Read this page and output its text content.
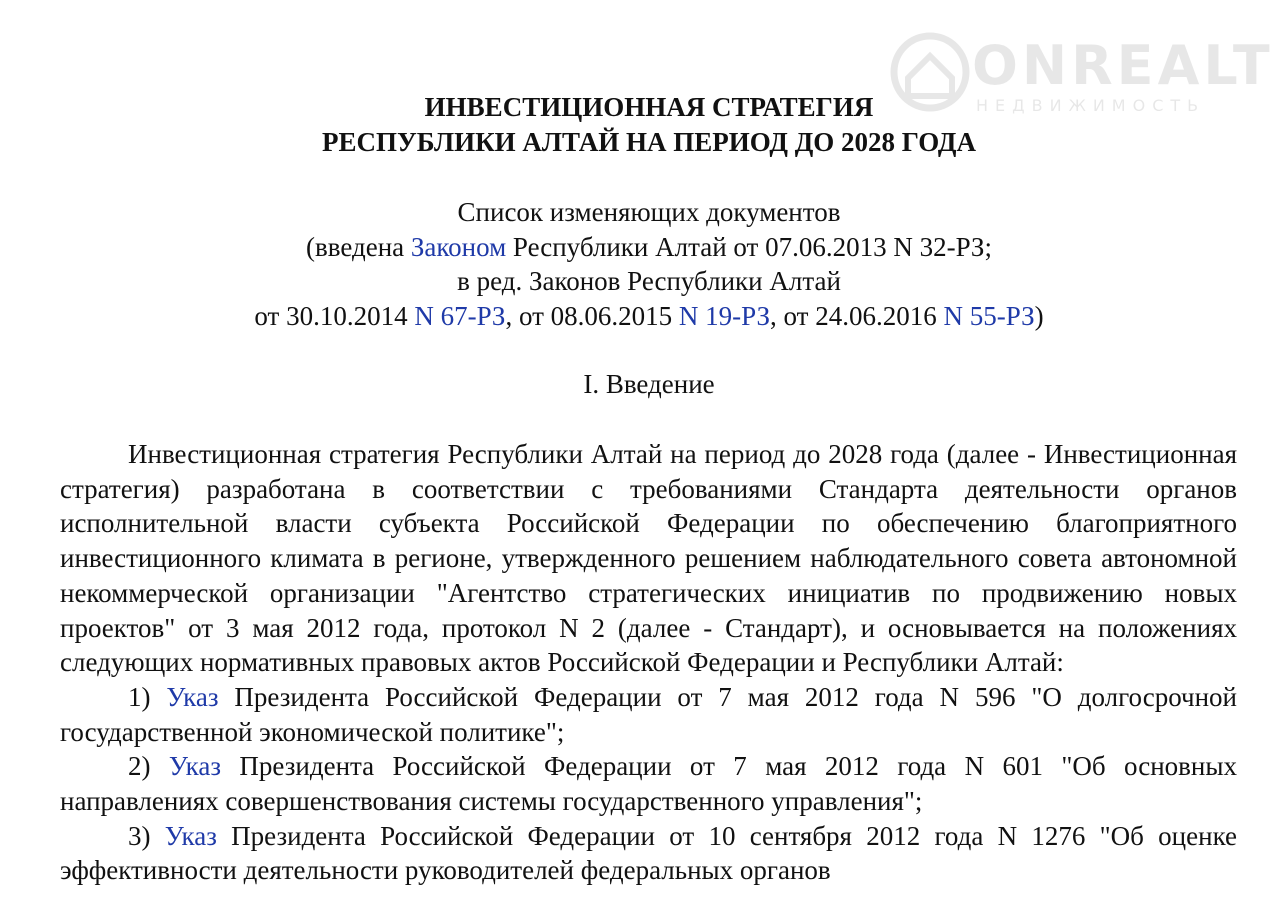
ONREALT
НЕДВИЖИМОСТЬ
ИНВЕСТИЦИОННАЯ СТРАТЕГИЯ
РЕСПУБЛИКИ АЛТАЙ НА ПЕРИОД ДО 2028 ГОДА
Список изменяющих документов
(введена Законом Республики Алтай от 07.06.2013 N 32-РЗ;
в ред. Законов Республики Алтай
от 30.10.2014 N 67-РЗ, от 08.06.2015 N 19-РЗ, от 24.06.2016 N 55-РЗ)
I. Введение

Инвестиционная стратегия Республики Алтай на период до 2028 года (далее - Инвестиционная стратегия) разработана в соответствии с требованиями Стандарта деятельности органов исполнительной власти субъекта Российской Федерации по обеспечению благоприятного инвестиционного климата в регионе, утвержденного решением наблюдательного совета автономной некоммерческой организации "Агентство стратегических инициатив по продвижению новых проектов" от 3 мая 2012 года, протокол N 2 (далее - Стандарт), и основывается на положениях следующих нормативных правовых актов Российской Федерации и Республики Алтай:

1) Указ Президента Российской Федерации от 7 мая 2012 года N 596 "О долгосрочной государственной экономической политике";

2) Указ Президента Российской Федерации от 7 мая 2012 года N 601 "Об основных направлениях совершенствования системы государственного управления";

3) Указ Президента Российской Федерации от 10 сентября 2012 года N 1276 "Об оценке эффективности деятельности руководителей федеральных органов
